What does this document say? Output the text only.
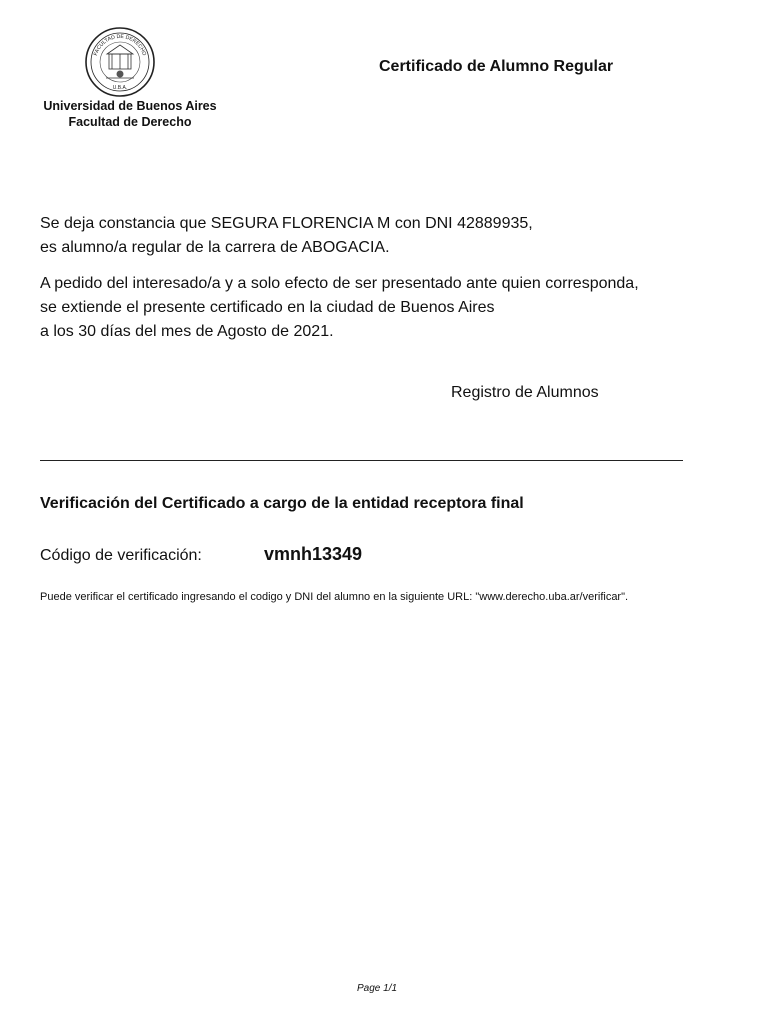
FACULTAD DE DERECHO
U.B.A.
Certificado de Alumno Regular
Universidad de Buenos Aires
Facultad de Derecho
Se deja constancia que SEGURA FLORENCIA M con DNI 42889935,
es alumno/a regular de la carrera de ABOGACIA.
A pedido del interesado/a y a solo efecto de ser presentado ante quien corresponda,
se extiende el presente certificado en la ciudad de Buenos Aires
a los 30 días del mes de Agosto de 2021.
Registro de Alumnos
Verificación del Certificado a cargo de la entidad receptora final
Código de verificación:	vmnh13349
Puede verificar el certificado ingresando el codigo y DNI del alumno en la siguiente URL: "www.derecho.uba.ar/verificar".
Page 1/1
